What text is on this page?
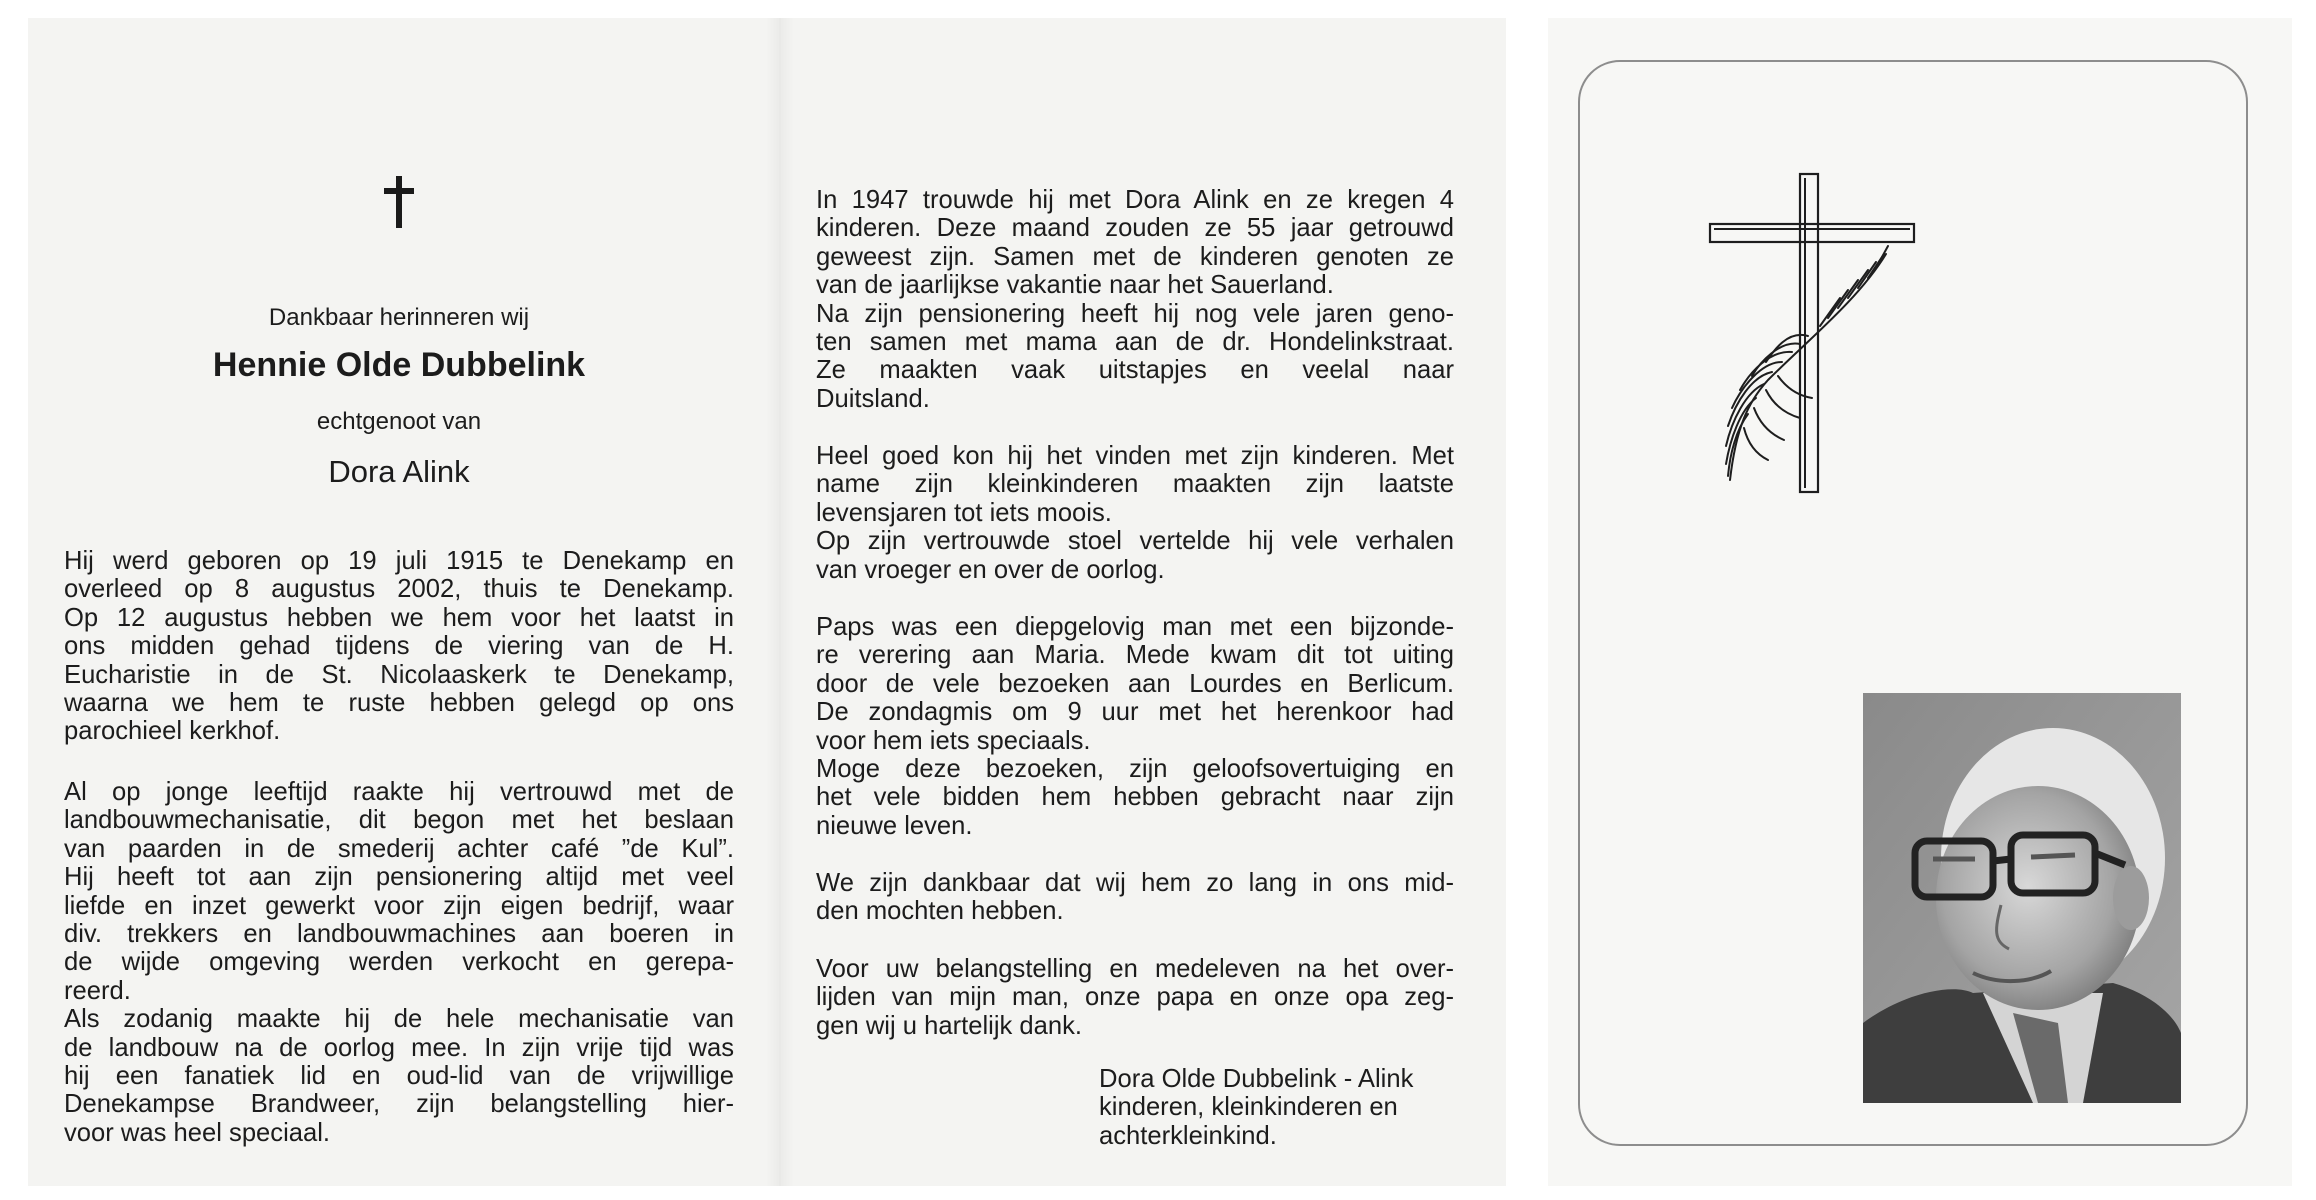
Dankbaar herinneren wij
Hennie Olde Dubbelink
echtgenoot van
Dora Alink
Hij werd geboren op 19 juli 1915 te Denekamp en
overleed op 8 augustus 2002, thuis te Denekamp.
Op 12 augustus hebben we hem voor het laatst in
ons midden gehad tijdens de viering van de H.
Eucharistie in de St. Nicolaaskerk te Denekamp,
waarna we hem te ruste hebben gelegd op ons
parochieel kerkhof.
Al op jonge leeftijd raakte hij vertrouwd met de
landbouwmechanisatie, dit begon met het beslaan
van paarden in de smederij achter café ”de Kul”.
Hij heeft tot aan zijn pensionering altijd met veel
liefde en inzet gewerkt voor zijn eigen bedrijf, waar
div. trekkers en landbouwmachines aan boeren in
de wijde omgeving werden verkocht en gerepa-
reerd.
Als zodanig maakte hij de hele mechanisatie van
de landbouw na de oorlog mee. In zijn vrije tijd was
hij een fanatiek lid en oud-lid van de vrijwillige
Denekampse Brandweer, zijn belangstelling hier-
voor was heel speciaal.
In 1947 trouwde hij met Dora Alink en ze kregen 4
kinderen. Deze maand zouden ze 55 jaar getrouwd
geweest zijn. Samen met de kinderen genoten ze
van de jaarlijkse vakantie naar het Sauerland.
Na zijn pensionering heeft hij nog vele jaren geno-
ten samen met mama aan de dr. Hondelinkstraat.
Ze maakten vaak uitstapjes en veelal naar
Duitsland.
Heel goed kon hij het vinden met zijn kinderen. Met
name zijn kleinkinderen maakten zijn laatste
levensjaren tot iets moois.
Op zijn vertrouwde stoel vertelde hij vele verhalen
van vroeger en over de oorlog.
Paps was een diepgelovig man met een bijzonde-
re verering aan Maria. Mede kwam dit tot uiting
door de vele bezoeken aan Lourdes en Berlicum.
De zondagmis om 9 uur met het herenkoor had
voor hem iets speciaals.
Moge deze bezoeken, zijn geloofsovertuiging en
het vele bidden hem hebben gebracht naar zijn
nieuwe leven.
We zijn dankbaar dat wij hem zo lang in ons mid-
den mochten hebben.
Voor uw belangstelling en medeleven na het over-
lijden van mijn man, onze papa en onze opa zeg-
gen wij u hartelijk dank.
Dora Olde Dubbelink - Alink
kinderen, kleinkinderen en
achterkleinkind.
